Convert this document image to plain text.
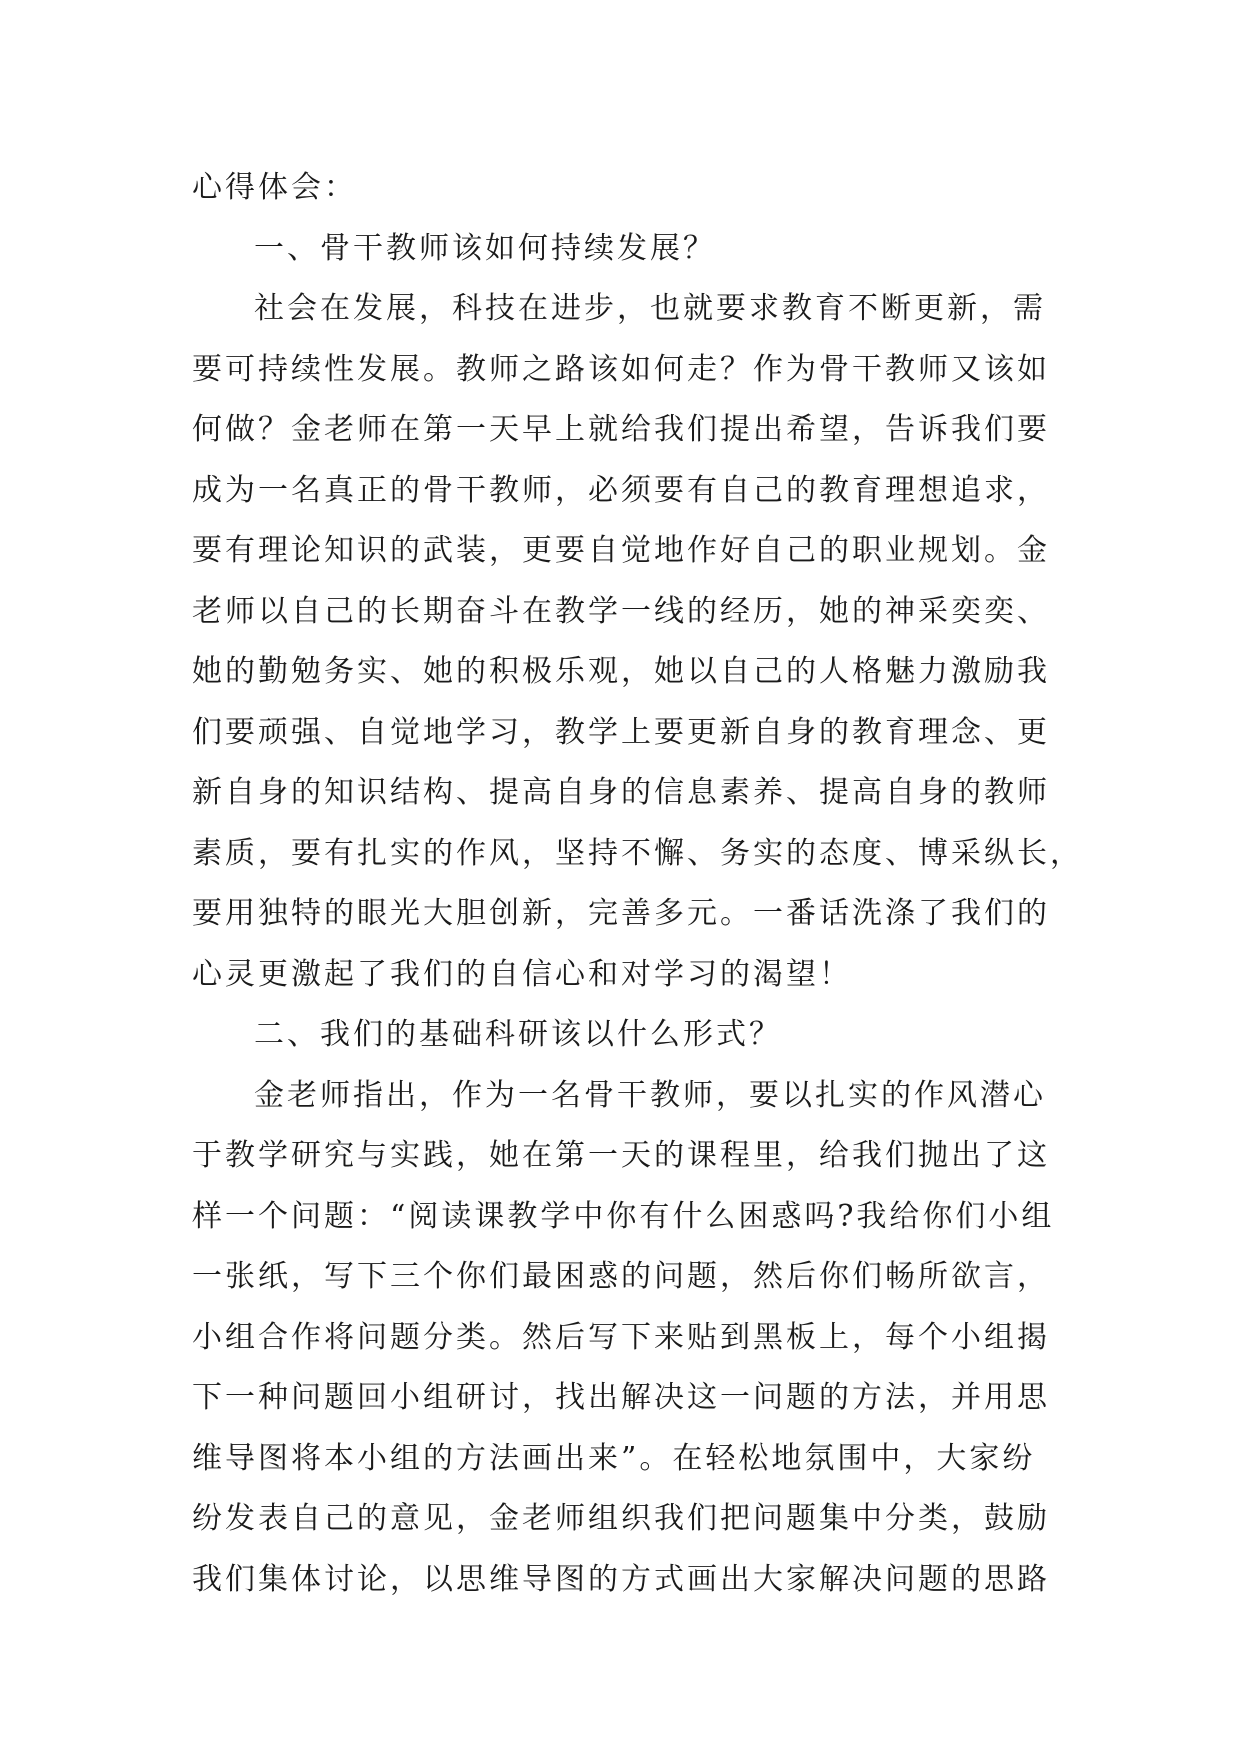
心得体会：
一、骨干教师该如何持续发展？
社会在发展，科技在进步，也就要求教育不断更新，需
要可持续性发展。教师之路该如何走？作为骨干教师又该如
何做？金老师在第一天早上就给我们提出希望，告诉我们要
成为一名真正的骨干教师，必须要有自己的教育理想追求，
要有理论知识的武装，更要自觉地作好自己的职业规划。金
老师以自己的长期奋斗在教学一线的经历，她的神采奕奕、
她的勤勉务实、她的积极乐观，她以自己的人格魅力激励我
们要顽强、自觉地学习，教学上要更新自身的教育理念、更
新自身的知识结构、提高自身的信息素养、提高自身的教师
素质，要有扎实的作风，坚持不懈、务实的态度、博采纵长，
要用独特的眼光大胆创新，完善多元。一番话洗涤了我们的
心灵更激起了我们的自信心和对学习的渴望！
二、我们的基础科研该以什么形式？
金老师指出，作为一名骨干教师，要以扎实的作风潜心
于教学研究与实践，她在第一天的课程里，给我们抛出了这
样一个问题：“阅读课教学中你有什么困惑吗?我给你们小组
一张纸，写下三个你们最困惑的问题，然后你们畅所欲言，
小组合作将问题分类。然后写下来贴到黑板上，每个小组揭
下一种问题回小组研讨，找出解决这一问题的方法，并用思
维导图将本小组的方法画出来”。在轻松地氛围中，大家纷
纷发表自己的意见，金老师组织我们把问题集中分类，鼓励
我们集体讨论，以思维导图的方式画出大家解决问题的思路
